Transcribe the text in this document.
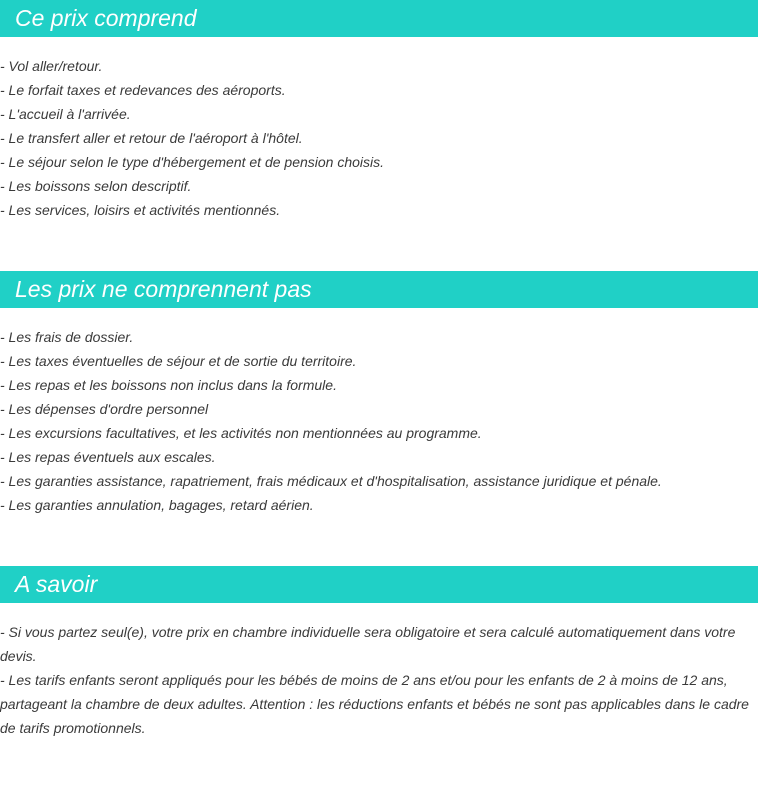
Ce prix comprend
- Vol aller/retour.
- Le forfait taxes et redevances des aéroports.
- L'accueil à l'arrivée.
- Le transfert aller et retour de l'aéroport à l'hôtel.
- Le séjour selon le type d'hébergement et de pension choisis.
- Les boissons selon descriptif.
- Les services, loisirs et activités mentionnés.
Les prix ne comprennent pas
- Les frais de dossier.
- Les taxes éventuelles de séjour et de sortie du territoire.
- Les repas et les boissons non inclus dans la formule.
- Les dépenses d'ordre personnel
- Les excursions facultatives, et les activités non mentionnées au programme.
- Les repas éventuels aux escales.
- Les garanties assistance, rapatriement, frais médicaux et d'hospitalisation, assistance juridique et pénale.
- Les garanties annulation, bagages, retard aérien.
A savoir
- Si vous partez seul(e), votre prix en chambre individuelle sera obligatoire et sera calculé automatiquement dans votre devis.
- Les tarifs enfants seront appliqués pour les bébés de moins de 2 ans et/ou pour les enfants de 2 à moins de 12 ans, partageant la chambre de deux adultes. Attention : les réductions enfants et bébés ne sont pas applicables dans le cadre de tarifs promotionnels.
